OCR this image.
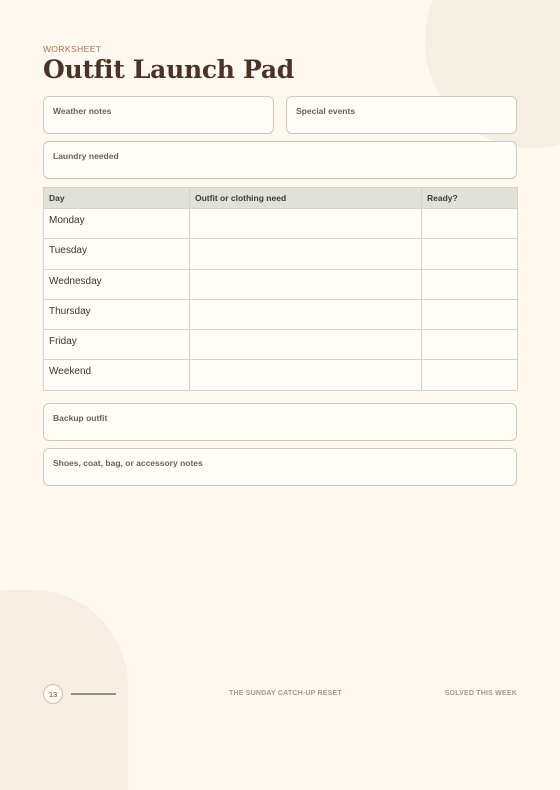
WORKSHEET
Outfit Launch Pad
Weather notes	Special events
Laundry needed
Day	Outfit or clothing need	Ready?
Monday		
Tuesday		
Wednesday		
Thursday		
Friday		
Weekend		
Backup outfit
Shoes, coat, bag, or accessory notes
13	THE SUNDAY CATCH-UP RESET	SOLVED THIS WEEK
